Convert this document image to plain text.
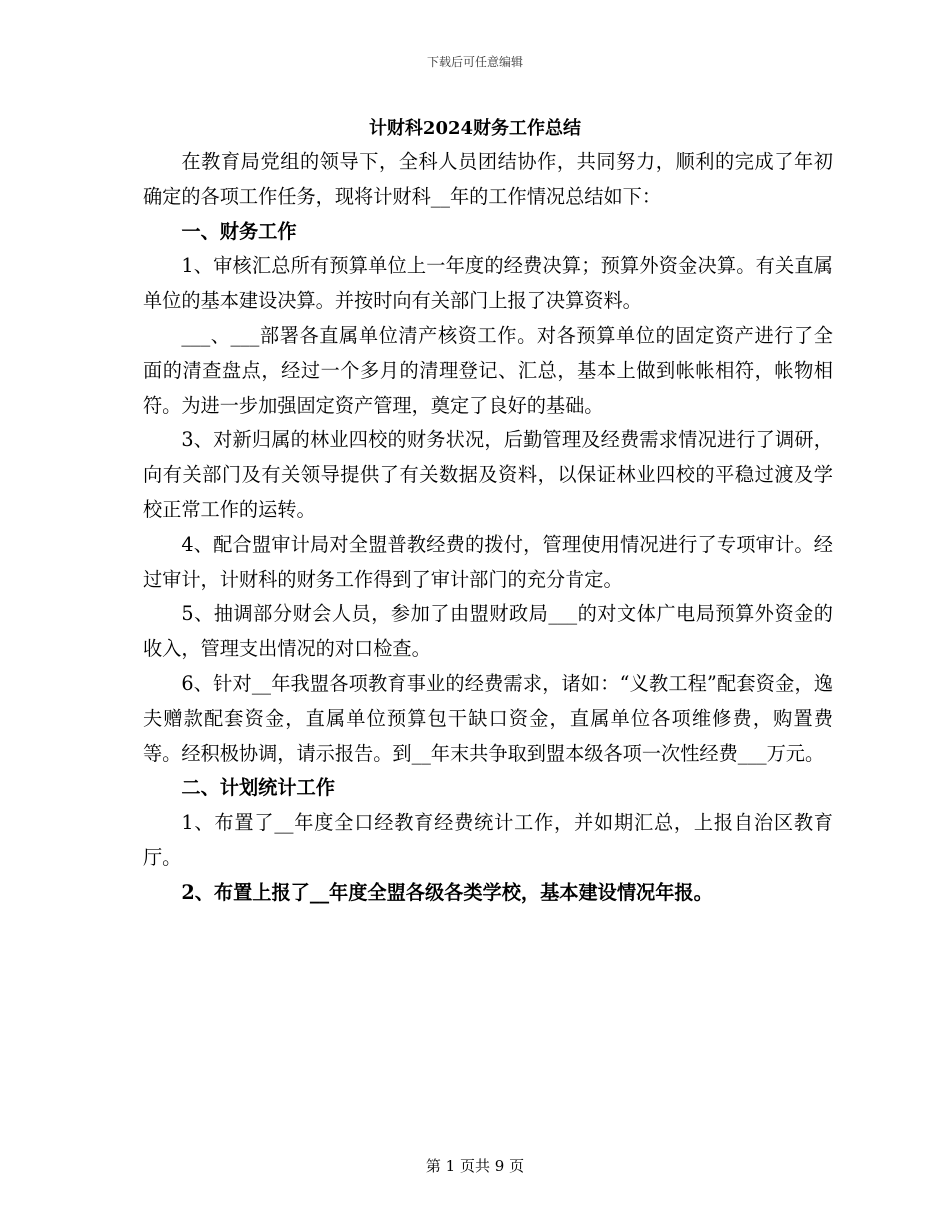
下载后可任意编辑
计财科2024财务工作总结

在教育局党组的领导下，全科人员团结协作，共同努力，顺利的完成了年初确定的各项工作任务，现将计财科__年的工作情况总结如下：

一、财务工作

1、审核汇总所有预算单位上一年度的经费决算；预算外资金决算。有关直属单位的基本建设决算。并按时向有关部门上报了决算资料。

___、___部署各直属单位清产核资工作。对各预算单位的固定资产进行了全面的清查盘点，经过一个多月的清理登记、汇总，基本上做到帐帐相符，帐物相符。为进一步加强固定资产管理，奠定了良好的基础。

3、对新归属的林业四校的财务状况，后勤管理及经费需求情况进行了调研，向有关部门及有关领导提供了有关数据及资料，以保证林业四校的平稳过渡及学校正常工作的运转。

4、配合盟审计局对全盟普教经费的拨付，管理使用情况进行了专项审计。经过审计，计财科的财务工作得到了审计部门的充分肯定。

5、抽调部分财会人员，参加了由盟财政局___的对文体广电局预算外资金的收入，管理支出情况的对口检查。

6、针对__年我盟各项教育事业的经费需求，诸如：“义教工程”配套资金，逸夫赠款配套资金，直属单位预算包干缺口资金，直属单位各项维修费，购置费等。经积极协调，请示报告。到__年末共争取到盟本级各项一次性经费___万元。

二、计划统计工作

1、布置了__年度全口经教育经费统计工作，并如期汇总，上报自治区教育厅。

2、布置上报了__年度全盟各级各类学校，基本建设情况年报。

第 1 页共 9 页
